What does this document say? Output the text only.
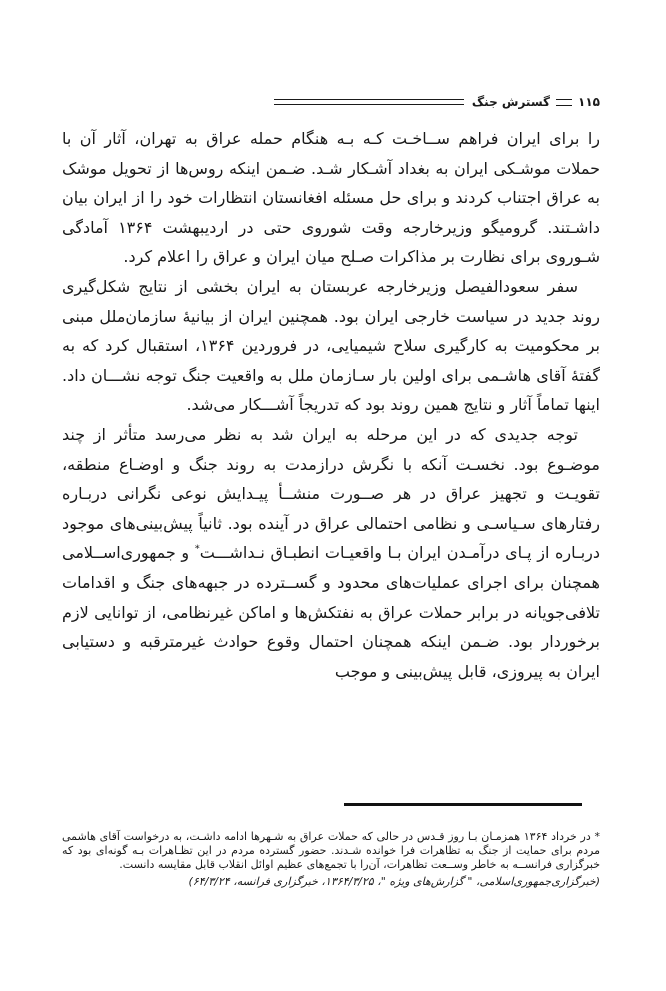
۱۱۵
گسترش جنگ

را برای ایران فراهم ســاخـت کـه بـه هنگام حمله عراق به تهران، آثار آن با حملات موشـکی ایران به بغداد آشـکار شـد. ضـمن اینکه روس‌ها از تحویل موشک به عراق اجتناب کردند و برای حل مسئله افغانستان انتظارات خود را از ایران بیان داشـتند. گرومیگو وزیرخارجه وقت شوروی حتی در اردیبهشت ۱۳۶۴ آمادگی شـوروی برای نظارت بر مذاکرات صـلح میان ایران و عراق را اعلام کرد.

سفر سعودالفیصل وزیرخارجه عربستان به ایران بخشی از نتایج شکل‌گیری روند جدید در سیاست خارجی ایران بود. همچنین ایران از بیانیهٔ سازمان‌ملل مبنی بر محکومیت به کارگیری سلاح شیمیایی، در فروردین ۱۳۶۴، استقبال کرد که به گفتهٔ آقای هاشـمی برای اولین بار سـازمان ملل به واقعیت جنگ توجه نشـــان داد. اینها تماماً آثار و نتایج همین روند بود که تدریجاً آشـــکار می‌شد.

توجه جدیدی که در این مرحله به ایران شد به نظر می‌رسد متأثر از چند موضـوع بود. نخسـت آنکه با نگرش درازمدت به روند جنگ و اوضـاع منطقه، تقویـت و تجهیز عراق در هر صــورت منشــأ پیـدایش نوعی نگرانی دربـاره رفتارهای سـیاسـی و نظامی احتمالی عراق در آینده بود. ثانیاً پیش‌بینی‌های موجود دربـاره از پـای درآمـدن ایران بـا واقعیـات انطبـاق نـداشـــت* و جمهوری‌اســلامی همچنان برای اجرای عملیات‌های محدود و گســترده در جبهه‌های جنگ و اقدامات تلافی‌جویانه در برابر حملات عراق به نفتکش‌ها و اماکن غیرنظامی، از توانایی لازم برخوردار بود. ضـمن اینکه همچنان احتمال وقوع حوادث غیرمترقبه و دستیابی ایران به پیروزی، قابل پیش‌بینی و موجب

* در خرداد ۱۳۶۴ همزمـان بـا روز قـدس در حالی که حملات عراق به شـهرها ادامه داشـت، به درخواست آقای هاشمی مردم برای حمایت از جنگ به تظاهرات فرا خوانده شـدند. حضور گسترده مردم در این تظـاهرات بـه گونه‌ای بود که خبرگزاری فرانســه به خاطر وســعت تظاهرات، آن‌را با تجمع‌های عظیم اوائل انقلاب قابل مقایسه دانست.

(خبرگزاری‌جمهوری‌اسلامی، " گزارش‌های ویژه "، ۱۳۶۴/۳/۲۵، خبرگزاری فرانسه، ۶۴/۳/۲۴)
